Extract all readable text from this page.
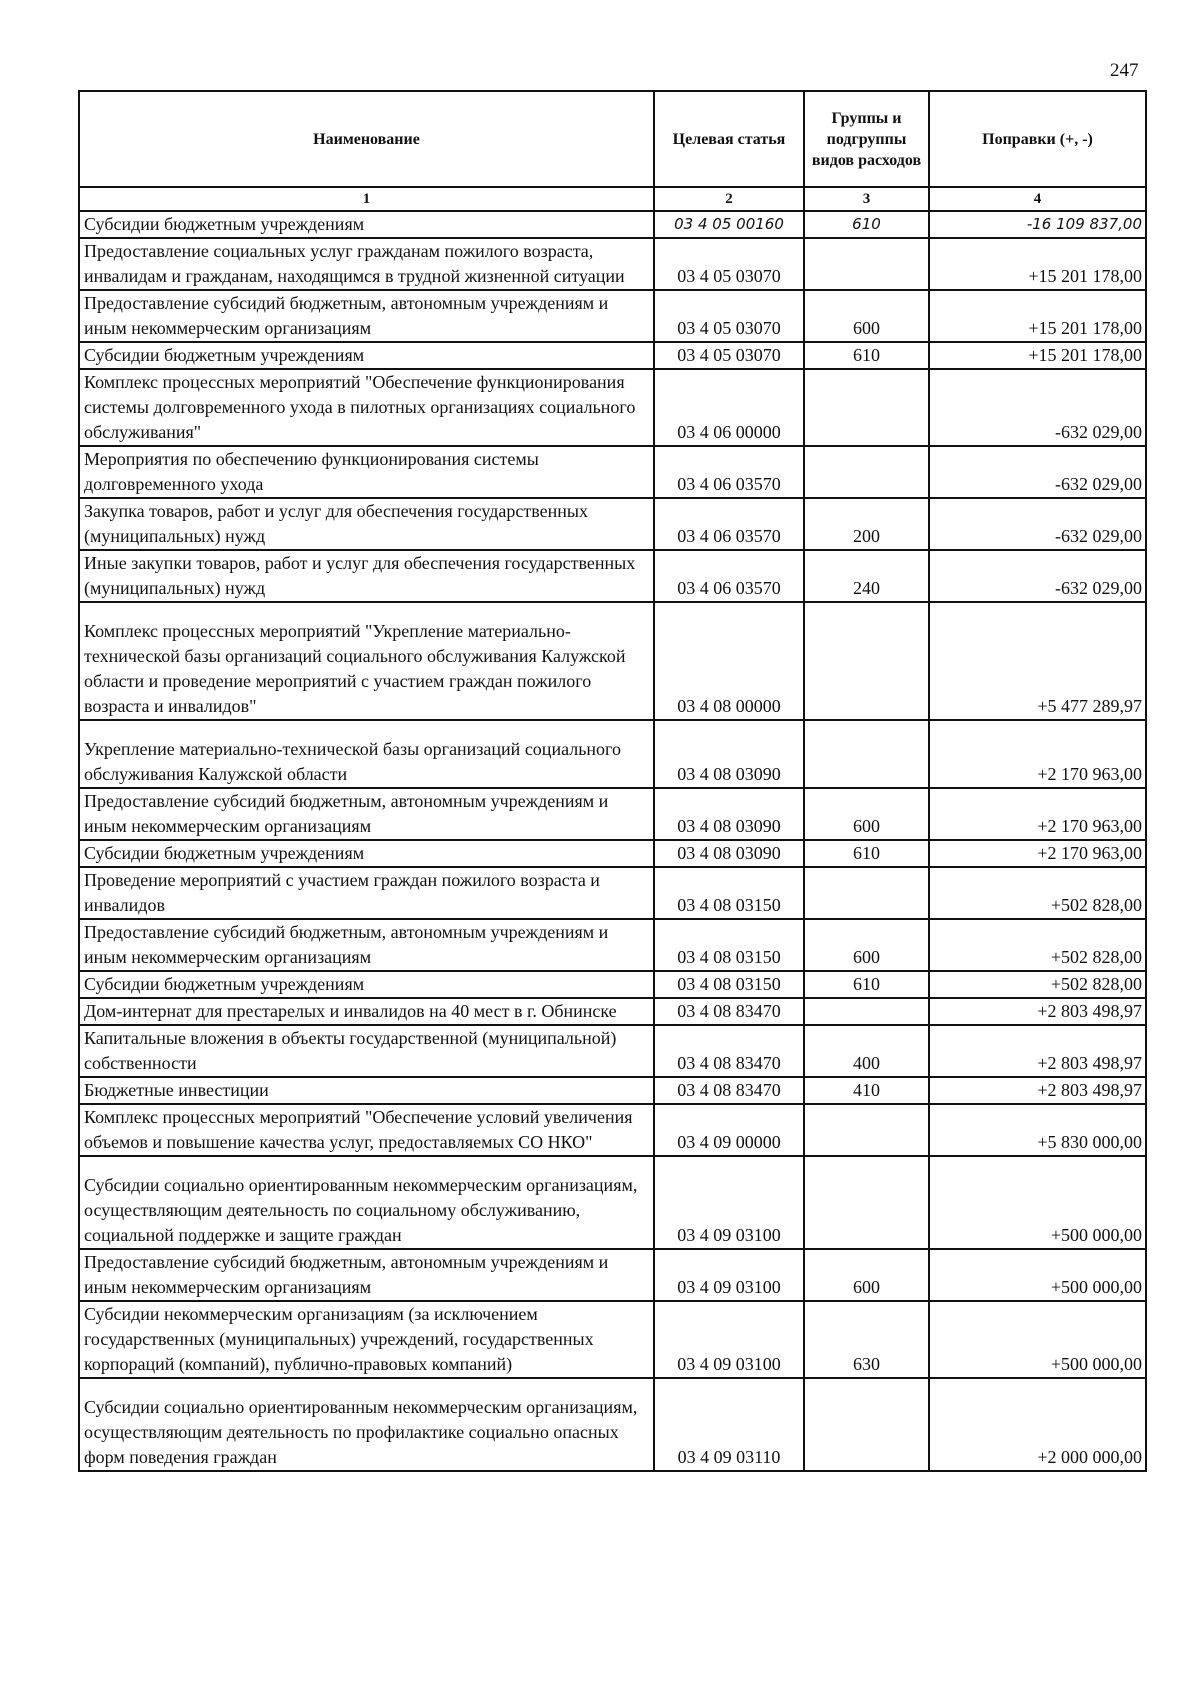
247
Наименование	Целевая статья	Группы и подгруппы видов расходов	Поправки (+, -)
1	2	3	4
Субсидии бюджетным учреждениям	03 4 05 00160	610	-16 109 837,00
Предоставление социальных услуг гражданам пожилого возраста, инвалидам и гражданам, находящимся в трудной жизненной ситуации	03 4 05 03070		+15 201 178,00
Предоставление субсидий бюджетным, автономным учреждениям и иным некоммерческим организациям	03 4 05 03070	600	+15 201 178,00
Субсидии бюджетным учреждениям	03 4 05 03070	610	+15 201 178,00
Комплекс процессных мероприятий "Обеспечение функционирования системы долговременного ухода в пилотных организациях социального обслуживания"	03 4 06 00000		-632 029,00
Мероприятия по обеспечению функционирования системы долговременного ухода	03 4 06 03570		-632 029,00
Закупка товаров, работ и услуг для обеспечения государственных (муниципальных) нужд	03 4 06 03570	200	-632 029,00
Иные закупки товаров, работ и услуг для обеспечения государственных (муниципальных) нужд	03 4 06 03570	240	-632 029,00
Комплекс процессных мероприятий "Укрепление материально-технической базы организаций социального обслуживания Калужской области и проведение мероприятий с участием граждан пожилого возраста и инвалидов"	03 4 08 00000		+5 477 289,97
Укрепление материально-технической базы организаций социального обслуживания Калужской области	03 4 08 03090		+2 170 963,00
Предоставление субсидий бюджетным, автономным учреждениям и иным некоммерческим организациям	03 4 08 03090	600	+2 170 963,00
Субсидии бюджетным учреждениям	03 4 08 03090	610	+2 170 963,00
Проведение мероприятий с участием граждан пожилого возраста и инвалидов	03 4 08 03150		+502 828,00
Предоставление субсидий бюджетным, автономным учреждениям и иным некоммерческим организациям	03 4 08 03150	600	+502 828,00
Субсидии бюджетным учреждениям	03 4 08 03150	610	+502 828,00
Дом-интернат для престарелых и инвалидов на 40 мест в г. Обнинске	03 4 08 83470		+2 803 498,97
Капитальные вложения в объекты государственной (муниципальной) собственности	03 4 08 83470	400	+2 803 498,97
Бюджетные инвестиции	03 4 08 83470	410	+2 803 498,97
Комплекс процессных мероприятий "Обеспечение условий увеличения объемов и повышение качества услуг, предоставляемых СО НКО"	03 4 09 00000		+5 830 000,00
Субсидии социально ориентированным некоммерческим организациям, осуществляющим деятельность по социальному обслуживанию, социальной поддержке и защите граждан	03 4 09 03100		+500 000,00
Предоставление субсидий бюджетным, автономным учреждениям и иным некоммерческим организациям	03 4 09 03100	600	+500 000,00
Субсидии некоммерческим организациям (за исключением государственных (муниципальных) учреждений, государственных корпораций (компаний), публично-правовых компаний)	03 4 09 03100	630	+500 000,00
Субсидии социально ориентированным некоммерческим организациям, осуществляющим деятельность по профилактике социально опасных форм поведения граждан	03 4 09 03110		+2 000 000,00
